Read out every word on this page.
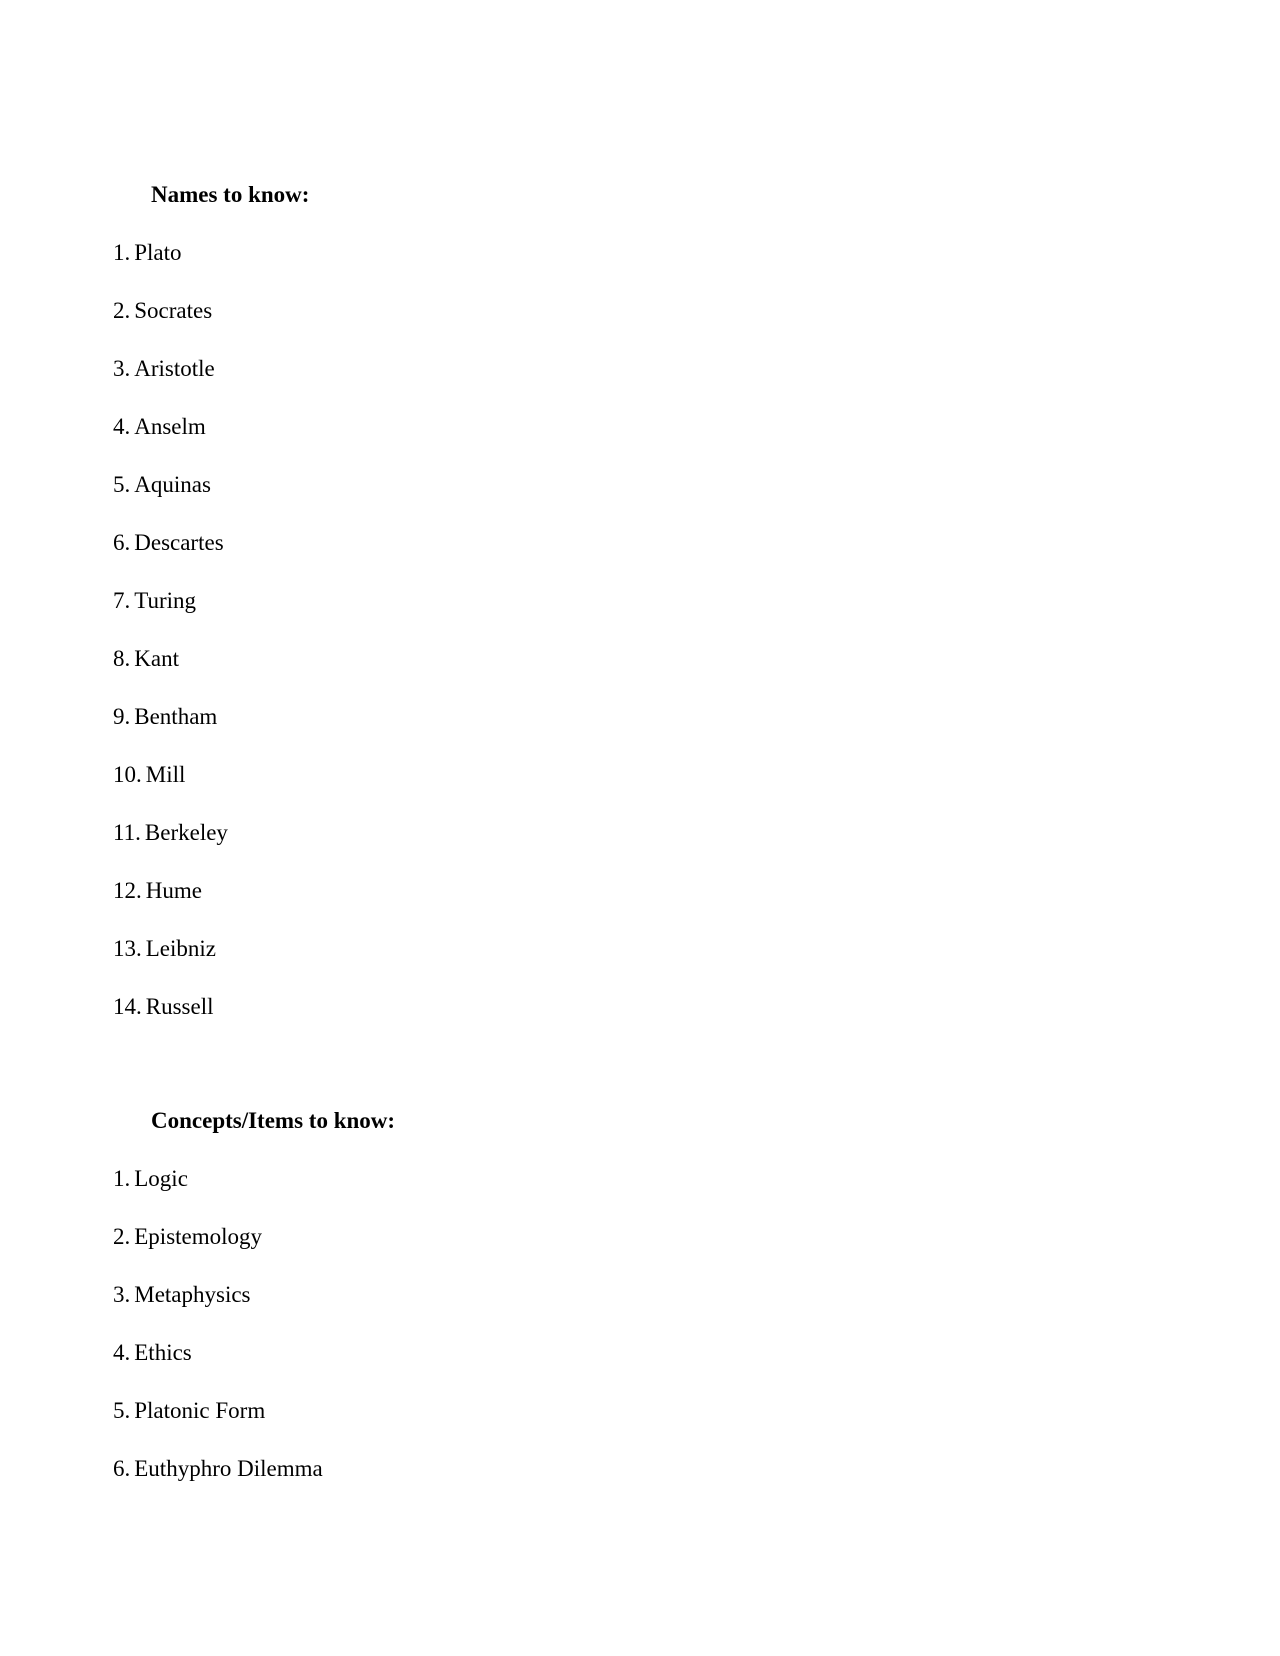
Names to know:
1. Plato
2. Socrates
3. Aristotle
4. Anselm
5. Aquinas
6. Descartes
7. Turing
8. Kant
9. Bentham
10. Mill
11. Berkeley
12. Hume
13. Leibniz
14. Russell
Concepts/Items to know:
1. Logic
2. Epistemology
3. Metaphysics
4. Ethics
5. Platonic Form
6. Euthyphro Dilemma
